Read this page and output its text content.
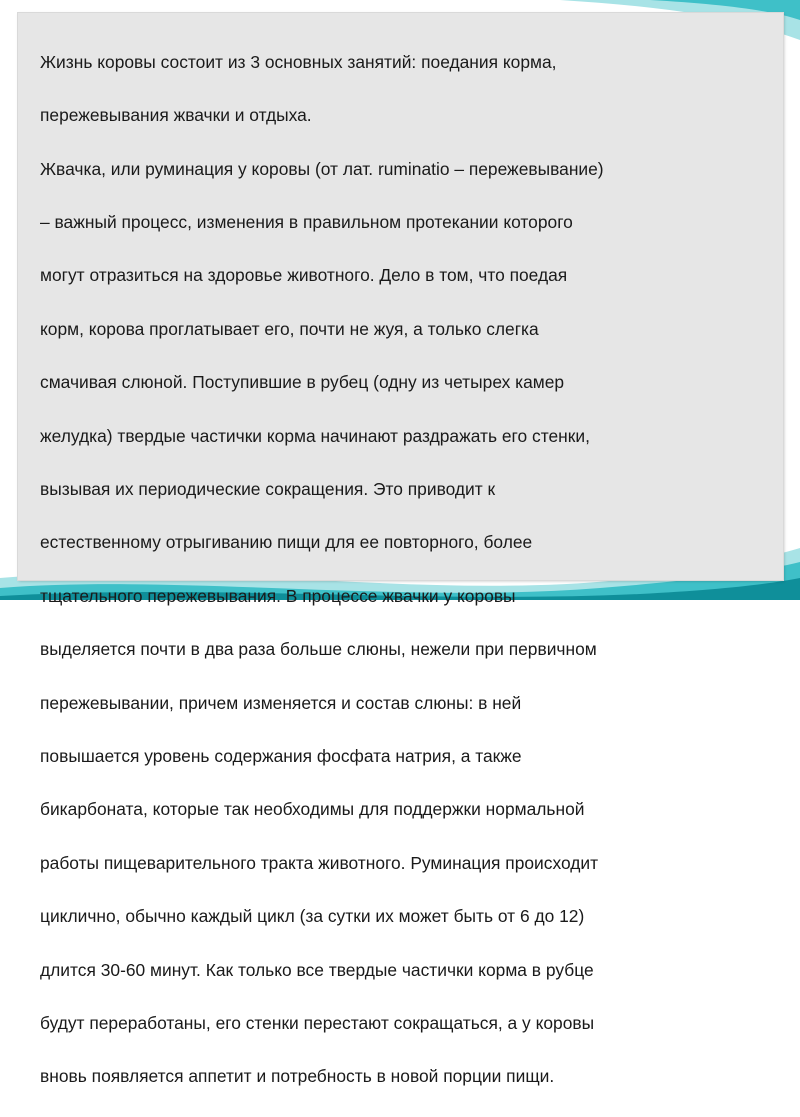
Жизнь коровы состоит из 3 основных занятий: поедания корма,

пережевывания жвачки и отдыха.

Жвачка, или руминация у коровы (от лат. ruminatio – пережевывание)

– важный процесс, изменения в правильном протекании которого

могут отразиться на здоровье животного. Дело в том, что поедая

корм, корова проглатывает его, почти не жуя, а только слегка

смачивая слюной. Поступившие в рубец (одну из четырех камер

желудка) твердые частички корма начинают раздражать его стенки,

вызывая их периодические сокращения. Это приводит к

естественному отрыгиванию пищи для ее повторного, более

тщательного пережевывания. В процессе жвачки у коровы

выделяется почти в два раза больше слюны, нежели при первичном

пережевывании, причем изменяется и состав слюны: в ней

повышается уровень содержания фосфата натрия, а также

бикарбоната, которые так необходимы для поддержки нормальной

работы пищеварительного тракта животного. Руминация происходит

циклично, обычно каждый цикл (за сутки их может быть от 6 до 12)

длится 30-60 минут. Как только все твердые частички корма в рубце

будут переработаны, его стенки перестают сокращаться, а у коровы

вновь появляется аппетит и потребность в новой порции пищи.
